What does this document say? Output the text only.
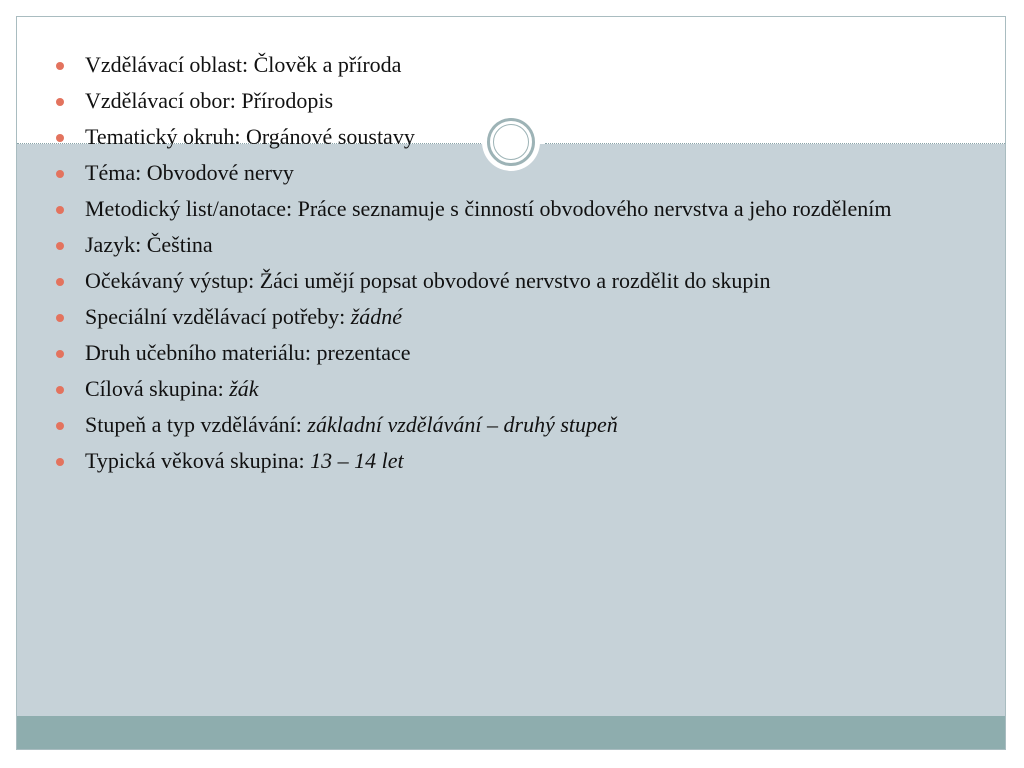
Vzdělávací oblast: Člověk a příroda
Vzdělávací obor: Přírodopis
Tematický okruh: Orgánové soustavy
Téma: Obvodové nervy
Metodický list/anotace: Práce seznamuje s činností obvodového nervstva a jeho rozdělením
Jazyk: Čeština
Očekávaný výstup: Žáci umějí popsat obvodové nervstvo a rozdělit do skupin
Speciální vzdělávací potřeby: žádné
Druh učebního materiálu: prezentace
Cílová skupina: žák
Stupeň a typ vzdělávání: základní vzdělávání – druhý stupeň
Typická věková skupina: 13 – 14 let
